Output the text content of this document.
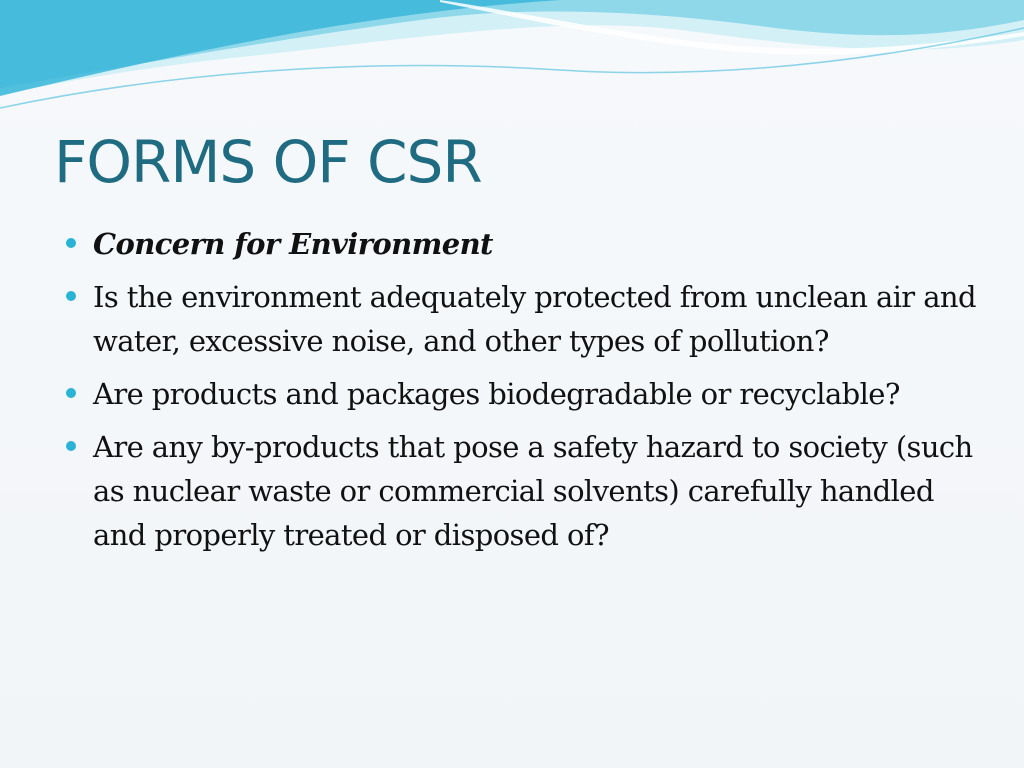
FORMS OF CSR
Concern for Environment
Is the environment adequately protected from unclean air and water, excessive noise, and other types of pollution?
Are products and packages biodegradable or recyclable?
Are any by-products that pose a safety hazard to society (such as nuclear waste or commercial solvents) carefully handled and properly treated or disposed of?
